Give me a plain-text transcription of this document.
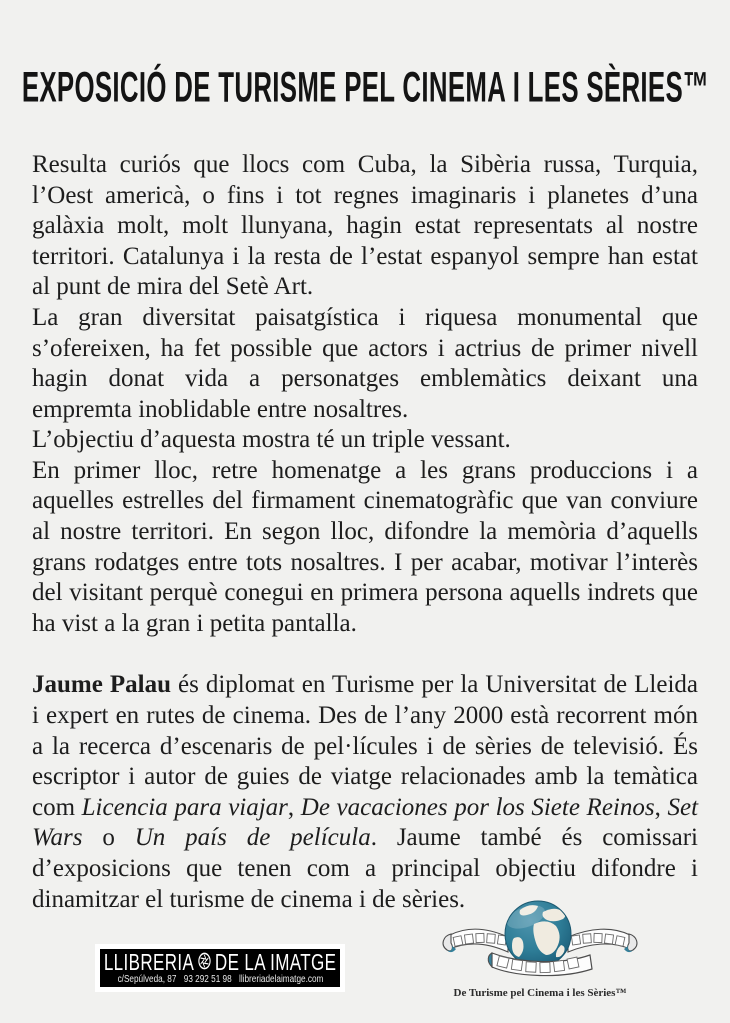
EXPOSICIÓ DE TURISME PEL CINEMA I LES SÈRIES™

Resulta curiós que llocs com Cuba, la Sibèria russa, Turquia, l’Oest americà, o fins i tot regnes imaginaris i planetes d’una galàxia molt, molt llunyana, hagin estat representats al nostre territori. Catalunya i la resta de l’estat espanyol sempre han estat al punt de mira del Setè Art.

La gran diversitat paisatgística i riquesa monumental que s’ofereixen, ha fet possible que actors i actrius de primer nivell hagin donat vida a personatges emblemàtics deixant una empremta inoblidable entre nosaltres.

L’objectiu d’aquesta mostra té un triple vessant.

En primer lloc, retre homenatge a les grans produccions i a aquelles estrelles del firmament cinematogràfic que van conviure al nostre territori. En segon lloc, difondre la memòria d’aquells grans rodatges entre tots nosaltres. I per acabar, motivar l’interès del visitant perquè conegui en primera persona aquells indrets que ha vist a la gran i petita pantalla.

Jaume Palau és diplomat en Turisme per la Universitat de Lleida i expert en rutes de cinema. Des de l’any 2000 està recorrent món a la recerca d’escenaris de pel·lícules i de sèries de televisió. És escriptor i autor de guies de viatge relacionades amb la temàtica com Licencia para viajar, De vacaciones por los Siete Reinos, Set Wars o Un país de película. Jaume també és comissari d’exposicions que tenen com a principal objectiu difondre i dinamitzar el turisme de cinema i de sèries.

LLIBRERIA DE LA IMATGE
c/Sepúlveda, 87 93 292 51 98 llibreriadelaimatge.com
De Turisme pel Cinema i les Sèries™
